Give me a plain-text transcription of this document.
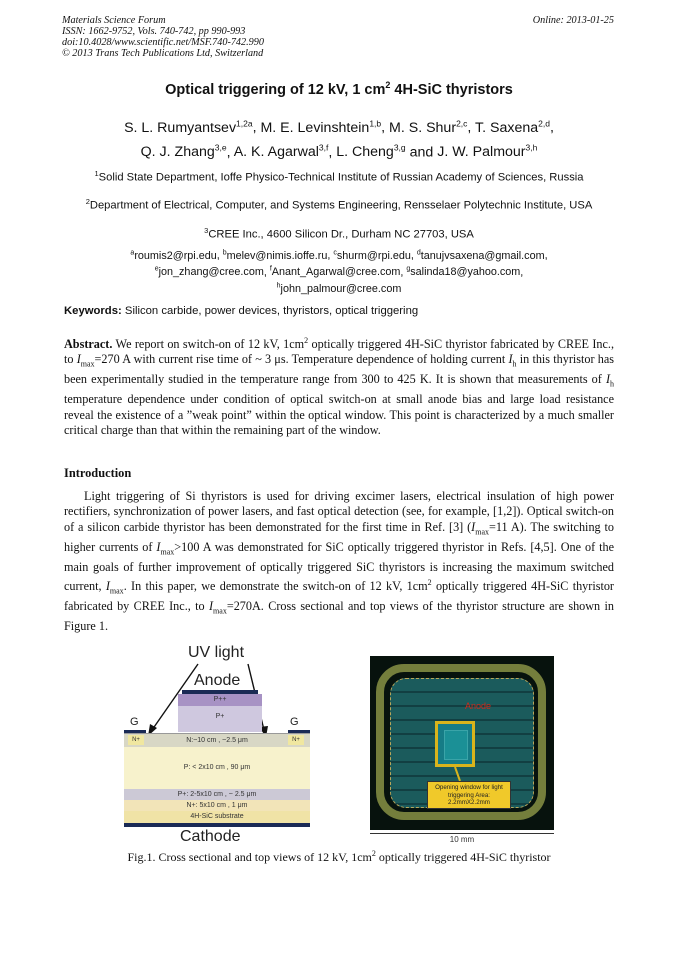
Materials Science Forum
ISSN: 1662-9752, Vols. 740-742, pp 990-993
doi:10.4028/www.scientific.net/MSF.740-742.990
© 2013 Trans Tech Publications Ltd, Switzerland
Online: 2013-01-25
Optical triggering of 12 kV, 1 $cm^2$ 4H-SiC thyristors
S. L. Rumyantsev$^{1,2a}$, M. E. Levinshtein$^{1,b}$, M. S. Shur$^{2,c}$, T. Saxena$^{2,d}$,
Q. J. Zhang$^{3,e}$, A. K. Agarwal$^{3,f}$, L. Cheng$^{3,g}$ and J. W. Palmour$^{3,h}$
$^1$Solid State Department, Ioffe Physico-Technical Institute of Russian Academy of Sciences, Russia
$^2$Department of Electrical, Computer, and Systems Engineering, Rensselaer Polytechnic Institute, USA
$^3$CREE Inc., 4600 Silicon Dr., Durham NC 27703, USA
$^a$roumis2@rpi.edu, $^b$melev@nimis.ioffe.ru, $^c$shurm@rpi.edu, $^d$tanujvsaxena@gmail.com,
$^e$jon_zhang@cree.com, $^f$Anant_Agarwal@cree.com, $^g$salinda18@yahoo.com,
$^h$john_palmour@cree.com
Keywords: Silicon carbide, power devices, thyristors, optical triggering
Abstract. We report on switch-on of 12 kV, $1cm^2$ optically triggered 4H-SiC thyristor fabricated by CREE Inc., to $I_{max}=270$ A with current rise time of ~ 3 μs. Temperature dependence of holding current $I_h$ in this thyristor has been experimentally studied in the temperature range from 300 to 425 K. It is shown that measurements of $I_h$ temperature dependence under condition of optical switch-on at small anode bias and large load resistance reveal the existence of a ”weak point” within the optical window. This point is characterized by a much smaller critical charge than that within the remaining part of the window.
Introduction
Light triggering of Si thyristors is used for driving excimer lasers, electrical insulation of high power rectifiers, synchronization of power lasers, and fast optical detection (see, for example, [1,2]). Optical switch-on of a silicon carbide thyristor has been demonstrated for the first time in Ref. [3] ($I_{max}=11$ A). The switching to higher currents of $I_{max}>100$ A was demonstrated for SiC optically triggered thyristor in Refs. [4,5]. One of the main goals of further improvement of optically triggered SiC thyristors is increasing the maximum switched current, $I_{max}$. In this paper, we demonstrate the switch-on of 12 kV, $1cm^2$ optically triggered 4H-SiC thyristor fabricated by CREE Inc., to $I_{max}=270A$. Cross sectional and top views of the thyristor structure are shown in Figure 1.
UV light
Anode
P++
P+
G	G
N:~10 cm , ~2.5 μm
N+	N+
P: < 2x10 cm , 90 μm
P+: 2-5x10 cm , ~ 2.5 μm
N+: 5x10 cm , 1 μm
4H-SiC substrate
Cathode
Anode
Opening window for light triggering Area: 2.2mmX2.2mm
10 mm
Fig.1. Cross sectional and top views of 12 kV, $1cm^2$ optically triggered 4H-SiC thyristor
